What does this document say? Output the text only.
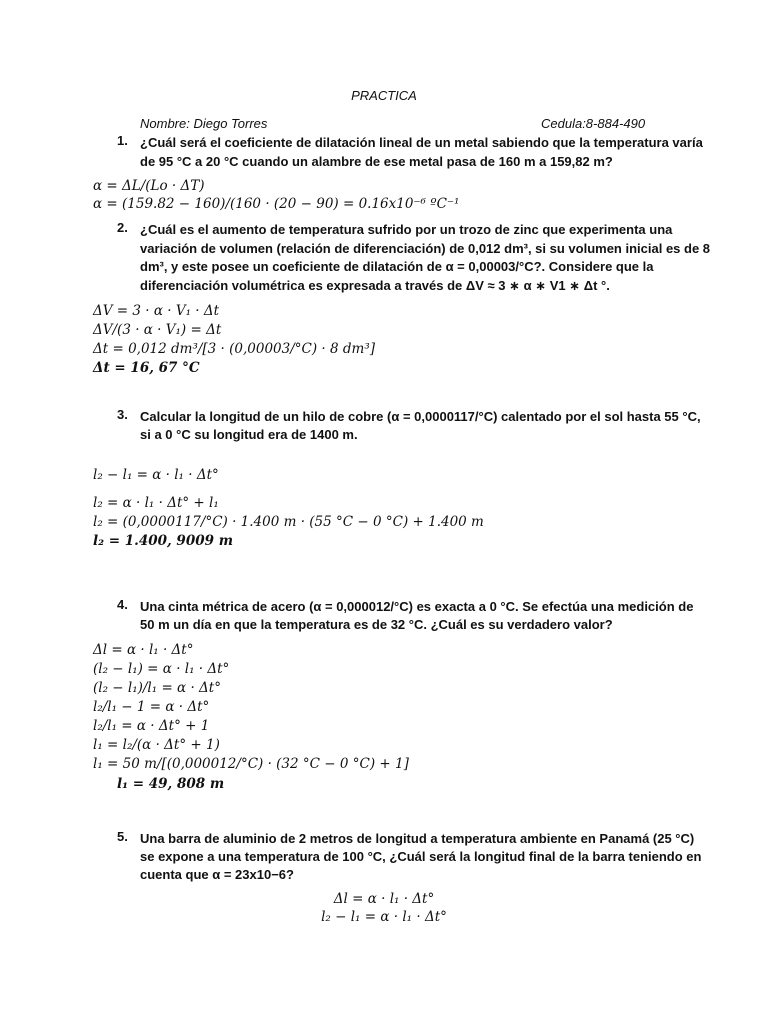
PRACTICA
Nombre: Diego Torres	Cedula:8-884-490
1. ¿Cuál será el coeficiente de dilatación lineal de un metal sabiendo que la temperatura varía
de 95 °C a 20 °C cuando un alambre de ese metal pasa de 160 m a 159,82 m?
α = ΔL/(Lo · ΔT)
α = (159.82 − 160)/(160 · (20 − 90) = 0.16x10⁻⁶ ºC⁻¹
2. ¿Cuál es el aumento de temperatura sufrido por un trozo de zinc que experimenta una
variación de volumen (relación de diferenciación) de 0,012 dm³, si su volumen inicial es de 8
dm³, y este posee un coeficiente de dilatación de α = 0,00003/°C?. Considere que la
diferenciación volumétrica es expresada a través de ΔV ≈ 3 ∗ α ∗ V1 ∗ Δt °.
ΔV = 3 · α · V₁ · Δt
ΔV/(3 · α · V₁) = Δt
Δt = 0,012 dm³/[3 · (0,00003/°C) · 8 dm³]
Δt = 16, 67 °C
3. Calcular la longitud de un hilo de cobre (α = 0,0000117/°C) calentado por el sol hasta 55 °C,
si a 0 °C su longitud era de 1400 m.
l₂ − l₁ = α · l₁ · Δt°
l₂ = α · l₁ · Δt° + l₁
l₂ = (0,0000117/°C) · 1.400 m · (55 °C − 0 °C) + 1.400 m
l₂ = 1.400, 9009 m
4. Una cinta métrica de acero (α = 0,000012/°C) es exacta a 0 °C. Se efectúa una medición de
50 m un día en que la temperatura es de 32 °C. ¿Cuál es su verdadero valor?
Δl = α · l₁ · Δt°
(l₂ − l₁) = α · l₁ · Δt°
(l₂ − l₁)/l₁ = α · Δt°
l₂/l₁ − 1 = α · Δt°
l₂/l₁ = α · Δt° + 1
l₁ = l₂/(α · Δt° + 1)
l₁ = 50 m/[(0,000012/°C) · (32 °C − 0 °C) + 1]
l₁ = 49, 808 m
5. Una barra de aluminio de 2 metros de longitud a temperatura ambiente en Panamá (25 °C)
se expone a una temperatura de 100 °C, ¿Cuál será la longitud final de la barra teniendo en
cuenta que α = 23x10−6?
Δl = α · l₁ · Δt°
l₂ − l₁ = α · l₁ · Δt°
